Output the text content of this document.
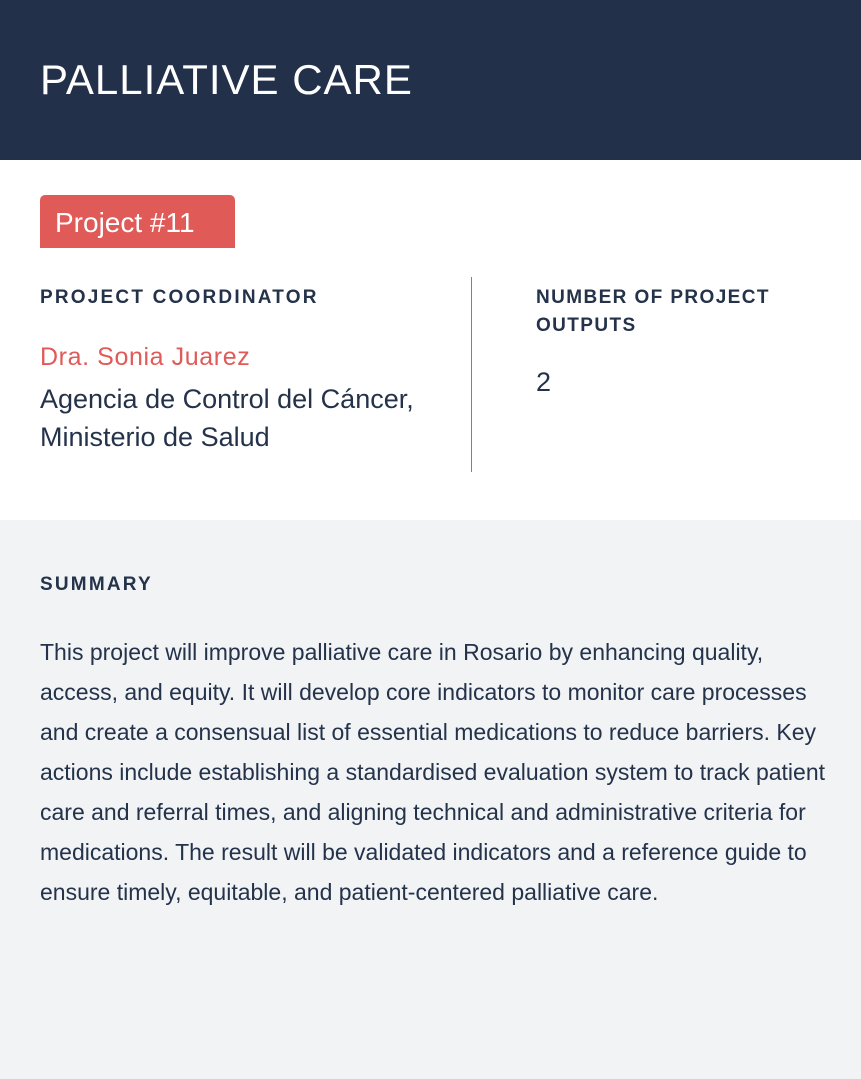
PALLIATIVE CARE
Project #11

PROJECT COORDINATOR

Dra. Sonia Juarez

Agencia de Control del Cáncer, Ministerio de Salud

NUMBER OF PROJECT OUTPUTS

2

SUMMARY

This project will improve palliative care in Rosario by enhancing quality, access, and equity. It will develop core indicators to monitor care processes and create a consensual list of essential medications to reduce barriers. Key actions include establishing a standardised evaluation system to track patient care and referral times, and aligning technical and administrative criteria for medications. The result will be validated indicators and a reference guide to ensure timely, equitable, and patient-centered palliative care.
